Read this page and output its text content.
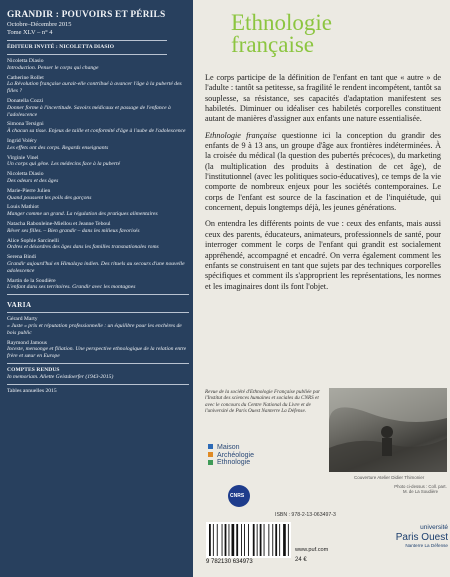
GRANDIR : POUVOIRS ET PÉRILS
Octobre–Décembre 2015
Tome XLV – n° 4
ÉDITEUR INVITÉ : NICOLETTA DIASIO
Nicoletta Diasio
Introduction. Penser le corps qui change
Catherine Rollet
La Révolution française aurait-elle contribué à avancer l'âge à la puberté des filles ?
Donatella Cozzi
Donner forme à l'incertitude. Savoirs médicaux et passage de l'enfance à l'adolescence
Simona Tersigni
À chacun sa tisse. Enjeux de taille et conformité d'âge à l'aube de l'adolescence
Ingrid Voléry
Les effets ont des corps. Regards enseignants
Virginie Vinel
Un corps qui gêne. Les médecins face à la puberté
Nicoletta Diasio
Des odeurs et des âges
Marie-Pierre Julien
Quand poussent les poils des garçons
Louis Mathiot
Manger comme un grand. La régulation des pratiques alimentaires
Natacha Rabonleine-Miellou et Jeanne Teboul
Rêver ses filles. – Bien grandir – dans les milieux favorisés
Alice Sophie Sarcinelli
Ordres et désordres des âges dans les familles transnationales roms
Serena Bindi
Grandir aujourd'hui en Himalaya indien. Des rituels au secours d'une nouvelle adolescence
Martin de la Soudière
L'enfant dans ses territoires. Grandir avec les montagnes
VARIA
Gérard Marty
« Juste » prix et réputation professionnelle : un équilibre pour les enchères de bois public
Raymond Jamous
Inceste, mensonge et filiation. Une perspective ethnologique de la relation entre frère et sœur en Europe
COMPTES RENDUS
In memoriam. Aliette Geistdoerfer (1943-2015)
Tables annuelles 2015
Ethnologie
française

Le corps participe de la définition de l'enfant en tant que « autre » de l'adulte : tantôt sa petitesse, sa fragilité le rendent incompétent, tantôt sa souplesse, sa résistance, ses capacités d'adaptation manifestent ses habiletés. Diminuer ou idéaliser ces habiletés corporelles constituent autant de manières d'assigner aux enfants une nature essentialisée.

Ethnologie française questionne ici la conception du grandir des enfants de 9 à 13 ans, un groupe d'âge aux frontières indéterminées. À la croisée du médical (la question des pubertés précoces), du marketing (la multiplication des produits à destination de cet âge), de l'institutionnel (avec les politiques socio-éducatives), ce temps de la vie comporte de nombreux enjeux pour les sociétés contemporaines. Le corps de l'enfant est source de la fascination et de l'inquiétude, qui concernent, depuis longtemps déjà, les jeunes générations.

On entendra les différents points de vue : ceux des enfants, mais aussi ceux des parents, éducateurs, animateurs, professionnels de santé, pour interroger comment le corps de l'enfant qui grandit est socialement appréhendé, accompagné et encadré. On verra également comment les enfants se construisent en tant que sujets par des techniques corporelles spécifiques et comment ils s'approprient les représentations, les normes et les imaginaires dont ils font l'objet.

Revue de la société d'Ethnologie Française publiée par l'Institut des sciences humaines et sociales du CNRS et avec le concours du Centre National du Livre et de l'université de Paris Ouest Nanterre La Défense.
Maison
Archéologie
Ethnologie
CNRS
Couverture Atelier Didier Thimonier
Photo ci-dessus : Coll. part. M. de La Soudière
ISBN : 978-2-13-063497-3
9 782130 634973
www.puf.com
24 €
université
Paris Ouest
Nanterre La Défense
